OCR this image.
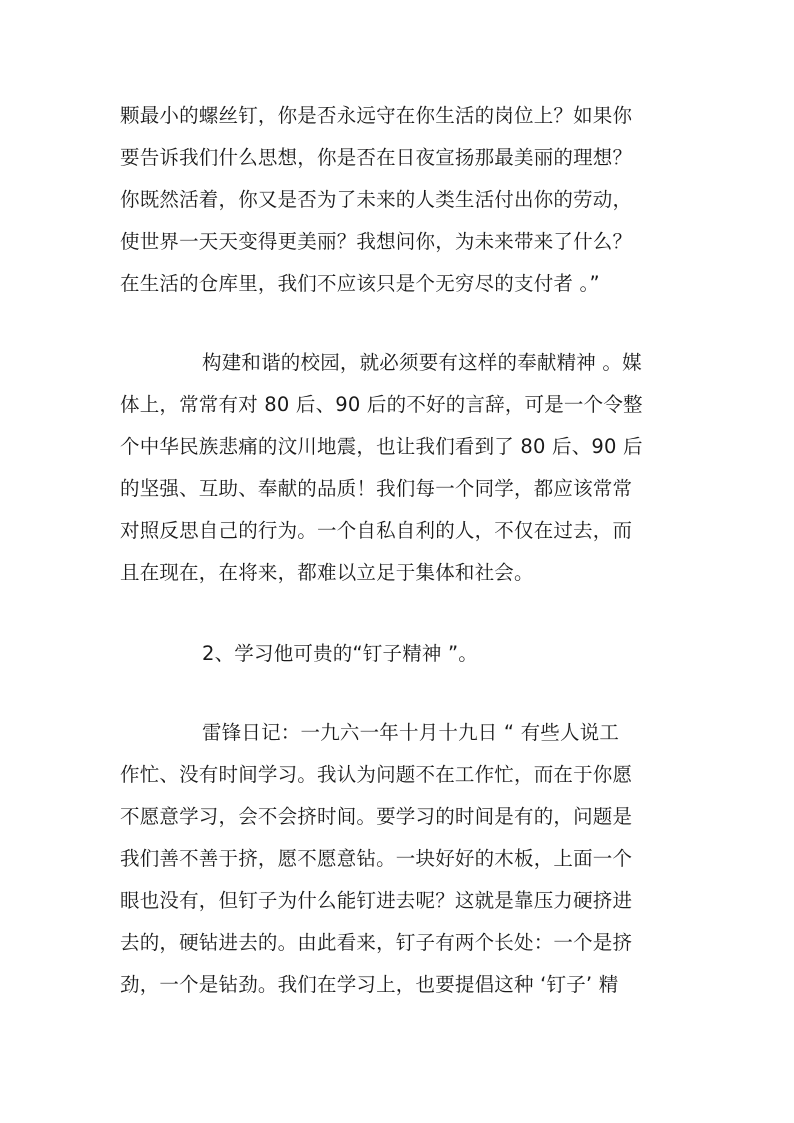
颗最小的螺丝钉，你是否永远守在你生活的岗位上？如果你
要告诉我们什么思想，你是否在日夜宣扬那最美丽的理想？
你既然活着，你又是否为了未来的人类生活付出你的劳动，
使世界一天天变得更美丽？我想问你，为未来带来了什么？
在生活的仓库里，我们不应该只是个无穷尽的支付者 。”
构建和谐的校园，就必须要有这样的奉献精神 。媒
体上，常常有对 80 后、90 后的不好的言辞，可是一个令整
个中华民族悲痛的汶川地震，也让我们看到了 80 后、90 后
的坚强、互助、奉献的品质！我们每一个同学，都应该常常
对照反思自己的行为。一个自私自利的人，不仅在过去，而
且在现在，在将来，都难以立足于集体和社会。
2、学习他可贵的“钉子精神 ”。
雷锋日记：一九六一年十月十九日 “ 有些人说工
作忙、没有时间学习。我认为问题不在工作忙，而在于你愿
不愿意学习，会不会挤时间。要学习的时间是有的，问题是
我们善不善于挤，愿不愿意钻。一块好好的木板，上面一个
眼也没有，但钉子为什么能钉进去呢？这就是靠压力硬挤进
去的，硬钻进去的。由此看来，钉子有两个长处：一个是挤
劲，一个是钻劲。我们在学习上，也要提倡这种 ‘钉子’ 精
